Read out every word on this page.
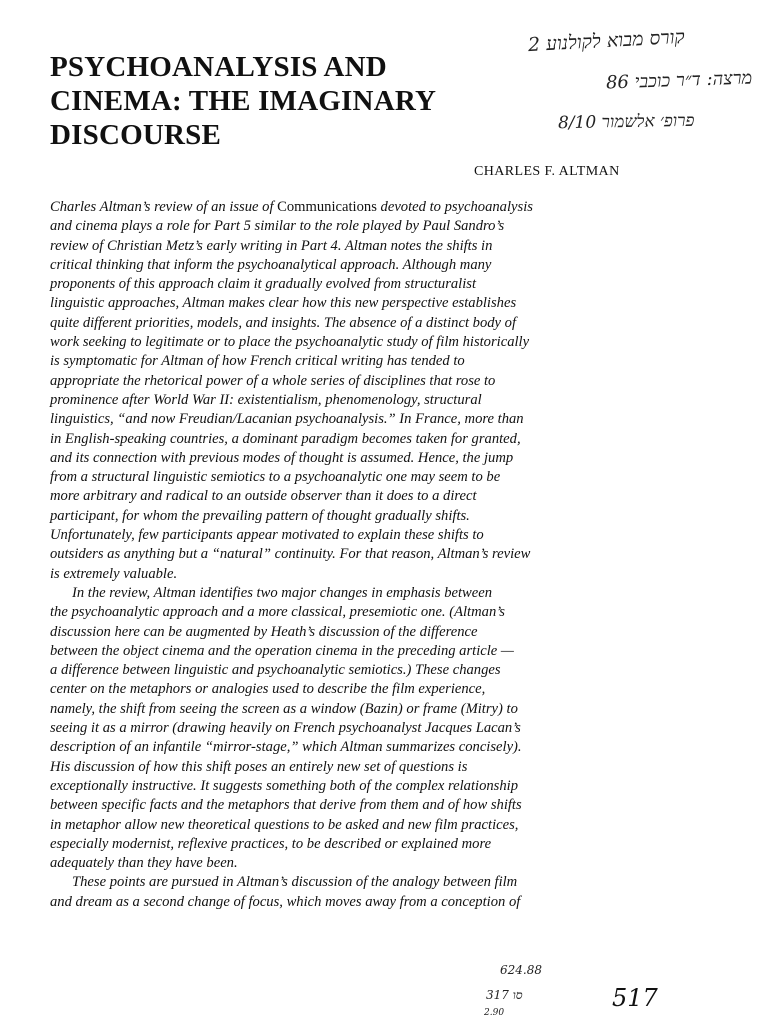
PSYCHOANALYSIS AND
CINEMA: THE IMAGINARY
DISCOURSE
CHARLES F. ALTMAN
2 קורס מבוא לקולנוע
מרצה: ד״ר כוכבי 86
פרופ׳ אלשמור 8/10
Charles Altman’s review of an issue of Communications devoted to psychoanalysis
and cinema plays a role for Part 5 similar to the role played by Paul Sandro’s
review of Christian Metz’s early writing in Part 4. Altman notes the shifts in
critical thinking that inform the psychoanalytical approach. Although many
proponents of this approach claim it gradually evolved from structuralist
linguistic approaches, Altman makes clear how this new perspective establishes
quite different priorities, models, and insights. The absence of a distinct body of
work seeking to legitimate or to place the psychoanalytic study of film historically
is symptomatic for Altman of how French critical writing has tended to
appropriate the rhetorical power of a whole series of disciplines that rose to
prominence after World War II: existentialism, phenomenology, structural
linguistics, “and now Freudian/Lacanian psychoanalysis.” In France, more than
in English-speaking countries, a dominant paradigm becomes taken for granted,
and its connection with previous modes of thought is assumed. Hence, the jump
from a structural linguistic semiotics to a psychoanalytic one may seem to be
more arbitrary and radical to an outside observer than it does to a direct
participant, for whom the prevailing pattern of thought gradually shifts.
Unfortunately, few participants appear motivated to explain these shifts to
outsiders as anything but a “natural” continuity. For that reason, Altman’s review
is extremely valuable.
In the review, Altman identifies two major changes in emphasis between
the psychoanalytic approach and a more classical, presemiotic one. (Altman’s
discussion here can be augmented by Heath’s discussion of the difference
between the object cinema and the operation cinema in the preceding article —
a difference between linguistic and psychoanalytic semiotics.) These changes
center on the metaphors or analogies used to describe the film experience,
namely, the shift from seeing the screen as a window (Bazin) or frame (Mitry) to
seeing it as a mirror (drawing heavily on French psychoanalyst Jacques Lacan’s
description of an infantile “mirror-stage,” which Altman summarizes concisely).
His discussion of how this shift poses an entirely new set of questions is
exceptionally instructive. It suggests something both of the complex relationship
between specific facts and the metaphors that derive from them and of how shifts
in metaphor allow new theoretical questions to be asked and new film practices,
especially modernist, reflexive practices, to be described or explained more
adequately than they have been.
These points are pursued in Altman’s discussion of the analogy between film
and dream as a second change of focus, which moves away from a conception of
624.88
סו 317
2.90
517
